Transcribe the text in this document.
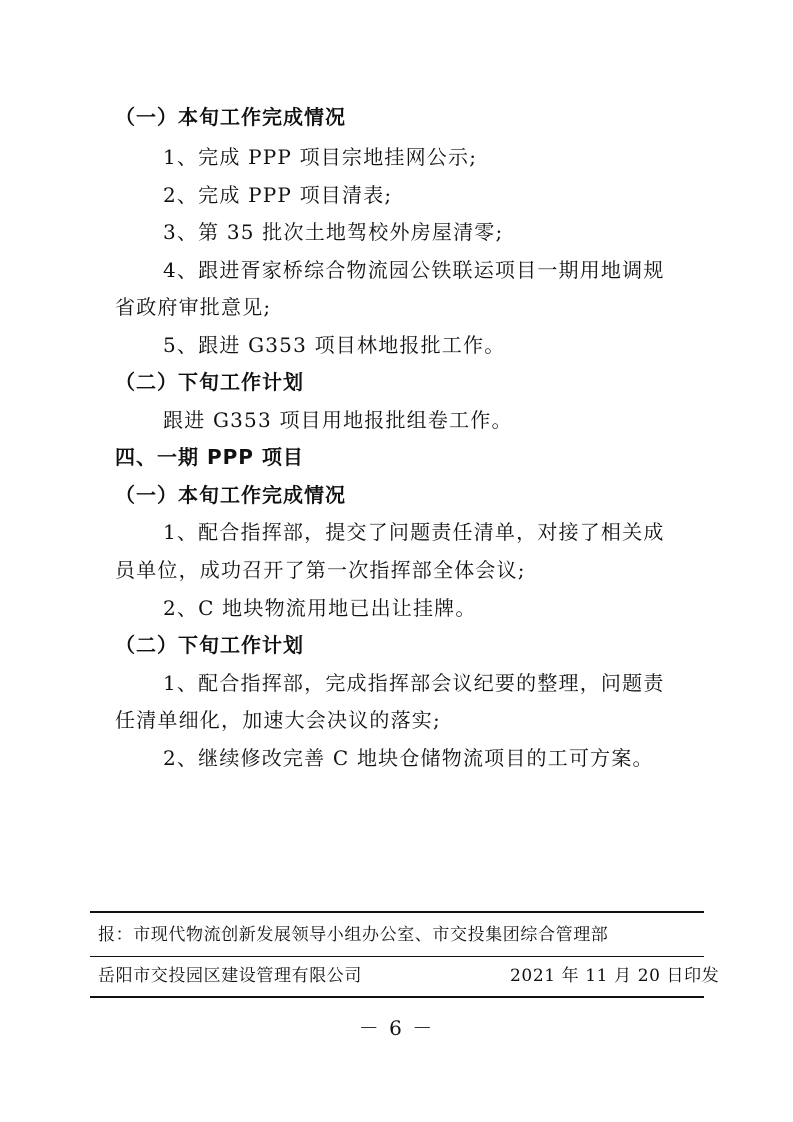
（一）本旬工作完成情况
1、完成 PPP 项目宗地挂网公示;
2、完成 PPP 项目清表;
3、第 35 批次土地驾校外房屋清零;
4、跟进胥家桥综合物流园公铁联运项目一期用地调规
省政府审批意见;
5、跟进 G353 项目林地报批工作。
（二）下旬工作计划
跟进 G353 项目用地报批组卷工作。
四、一期 PPP 项目
（一）本旬工作完成情况
1、配合指挥部，提交了问题责任清单，对接了相关成
员单位，成功召开了第一次指挥部全体会议;
2、C 地块物流用地已出让挂牌。
（二）下旬工作计划
1、配合指挥部，完成指挥部会议纪要的整理，问题责
任清单细化，加速大会决议的落实;
2、继续修改完善 C 地块仓储物流项目的工可方案。
报：市现代物流创新发展领导小组办公室、市交投集团综合管理部
岳阳市交投园区建设管理有限公司	2021 年 11 月 20 日印发
－ 6 －
